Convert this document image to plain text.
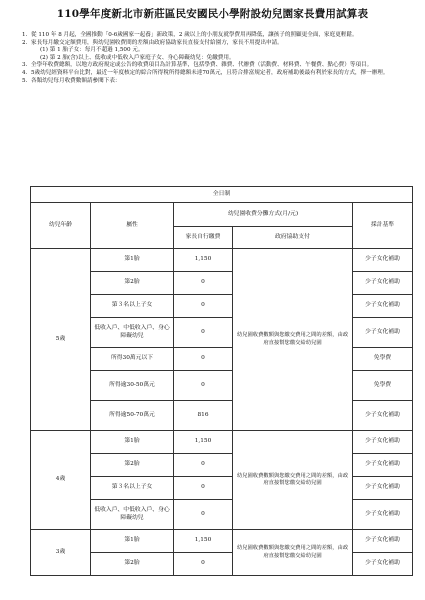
110學年度新北市新莊區民安國民小學附設幼兒園家長費用試算表
1. 從 110 年 8 月起，全國推動「0-6歲國家一起養」新政策，2 歲以上的小朋友就學費用再降低，讓孩子的照顧更全面，家庭更輕鬆。
2. 家長每月繳交定額費用，與幼兒園收費間的差額由政府協助家長直接支付給園方，家長不用提出申請。
(1) 第 1 胎子女：每月不超過 1,500 元。
(2) 第 2 胎(含)以上、低收或中低收入戶家庭子女、身心障礙幼兒：免繳費用。
3. 全學年收費總額，以地方政府規定或公告的收費項目為計算基準，包括學費、雜費、代辦費（活動費、材料費、午餐費、點心費）等項目。
4. 5歲幼兒經資料平台比對，最近一年度核定的綜合所得稅所得總額未達70萬元，且符合排富規定者，政府補助後最有利於家長的方式，擇一辦理。
5. 各類幼兒每月收費數額請參閱下表：
全日制				
幼兒年齡	屬性	幼兒園收費分攤方式(月/元)		採計基準
		家長自行繳費	政府協助支付	
5歲	第1胎	1,150	幼兒園收費數額與您繳交費用之間的差額，由政府直接幫您繳交給幼兒園	少子女化補助
	第2胎	0		少子女化補助
	第３名以上子女	0		少子女化補助
	低收入戶、中低收入戶、身心障礙幼兒	0		少子女化補助
	所得30萬元以下	0		免學費
	所得逾30-50萬元	0		免學費
	所得逾50-70萬元	816		少子女化補助
4歲	第1胎	1,150	幼兒園收費數額與您繳交費用之間的差額，由政府直接幫您繳交給幼兒園	少子女化補助
	第2胎	0		少子女化補助
	第３名以上子女	0		少子女化補助
	低收入戶、中低收入戶、身心障礙幼兒	0		少子女化補助
3歲	第1胎	1,150	幼兒園收費數額與您繳交費用之間的差額，由政府直接幫您繳交給幼兒園	少子女化補助
	第2胎	0		少子女化補助
